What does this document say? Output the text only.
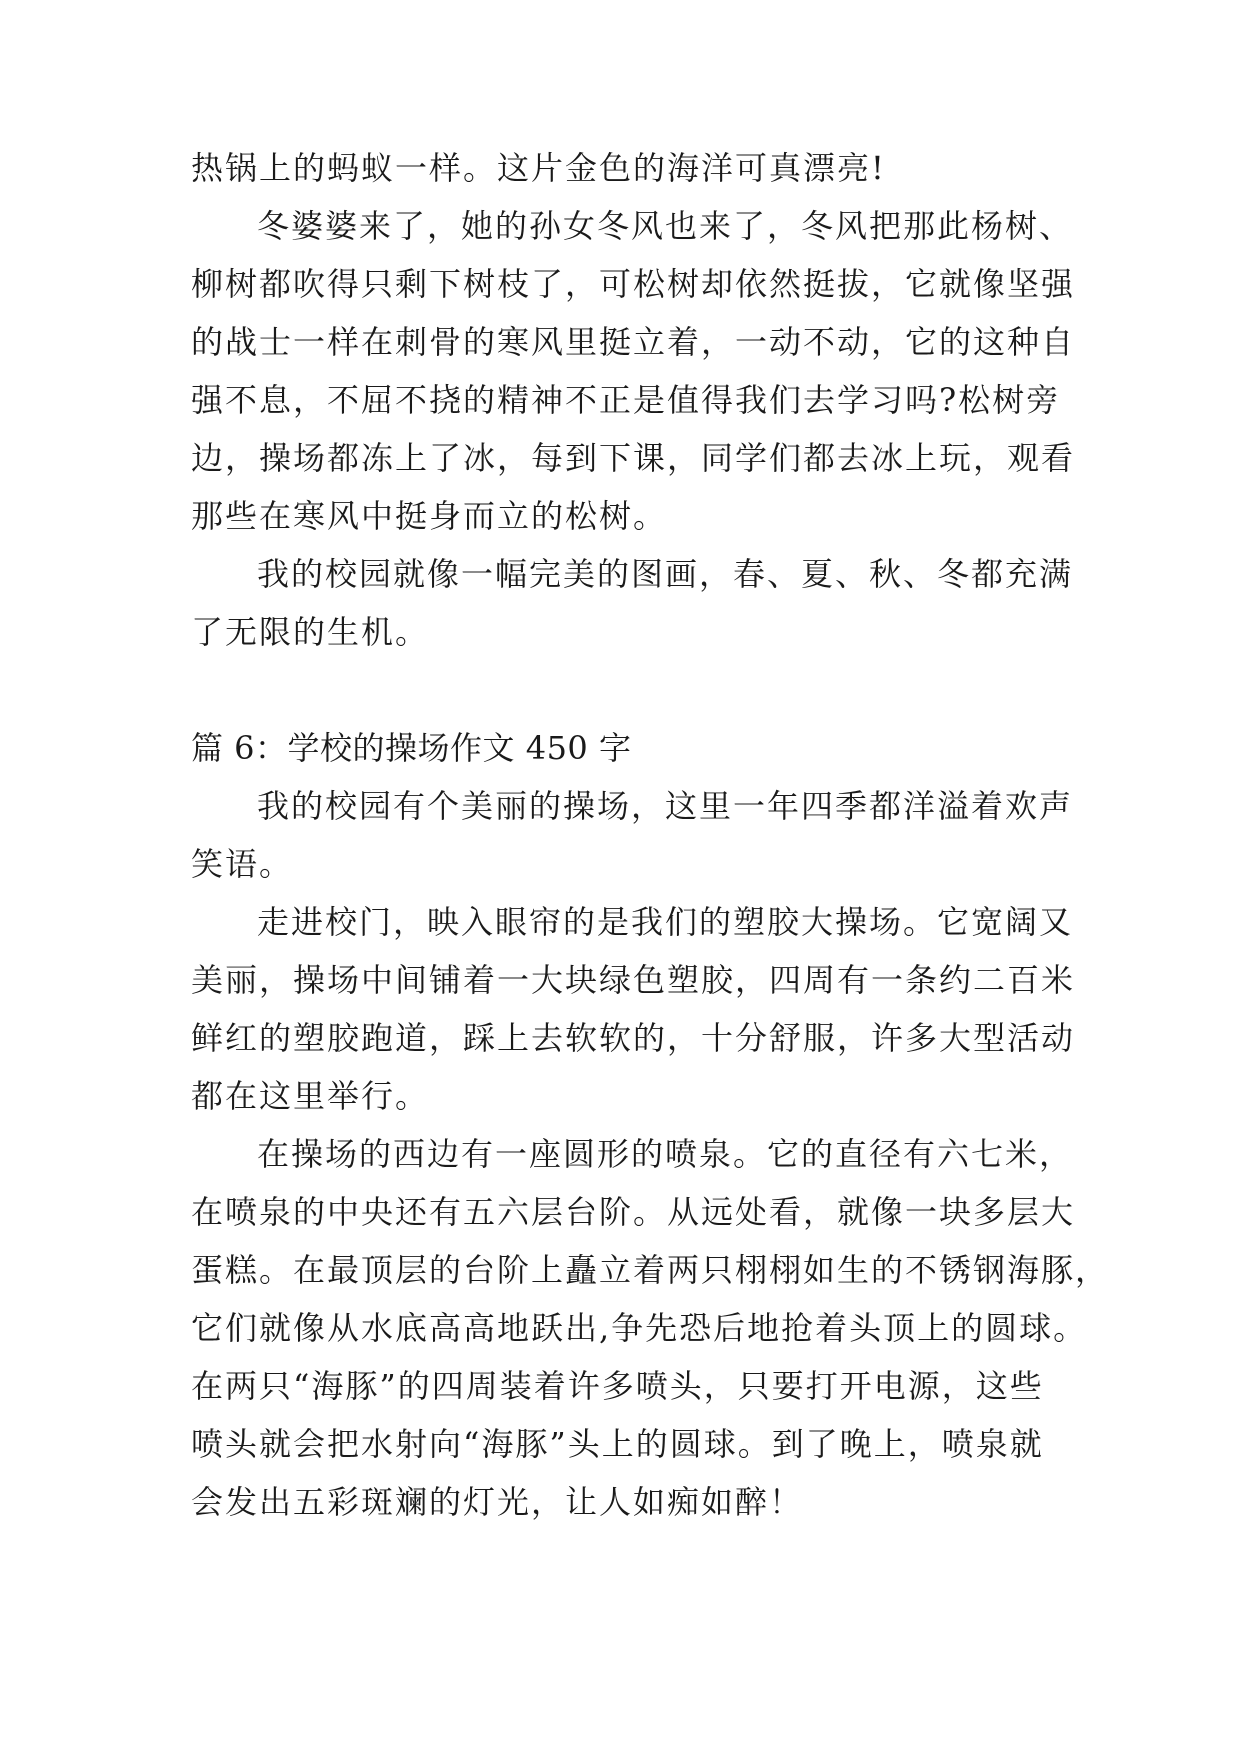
热锅上的蚂蚁一样。这片金色的海洋可真漂亮!
冬婆婆来了，她的孙女冬风也来了，冬风把那此杨树、
柳树都吹得只剩下树枝了，可松树却依然挺拔，它就像坚强
的战士一样在刺骨的寒风里挺立着，一动不动，它的这种自
强不息，不屈不挠的精神不正是值得我们去学习吗?松树旁
边，操场都冻上了冰，每到下课，同学们都去冰上玩，观看
那些在寒风中挺身而立的松树。
我的校园就像一幅完美的图画，春、夏、秋、冬都充满
了无限的生机。
篇 6：学校的操场作文 450 字
我的校园有个美丽的操场，这里一年四季都洋溢着欢声
笑语。
走进校门，映入眼帘的是我们的塑胶大操场。它宽阔又
美丽，操场中间铺着一大块绿色塑胶，四周有一条约二百米
鲜红的塑胶跑道，踩上去软软的，十分舒服，许多大型活动
都在这里举行。
在操场的西边有一座圆形的喷泉。它的直径有六七米，
在喷泉的中央还有五六层台阶。从远处看，就像一块多层大
蛋糕。在最顶层的台阶上矗立着两只栩栩如生的不锈钢海豚，
它们就像从水底高高地跃出,争先恐后地抢着头顶上的圆球。
在两只“海豚”的四周装着许多喷头，只要打开电源，这些
喷头就会把水射向“海豚”头上的圆球。到了晚上，喷泉就
会发出五彩斑斓的灯光，让人如痴如醉！
